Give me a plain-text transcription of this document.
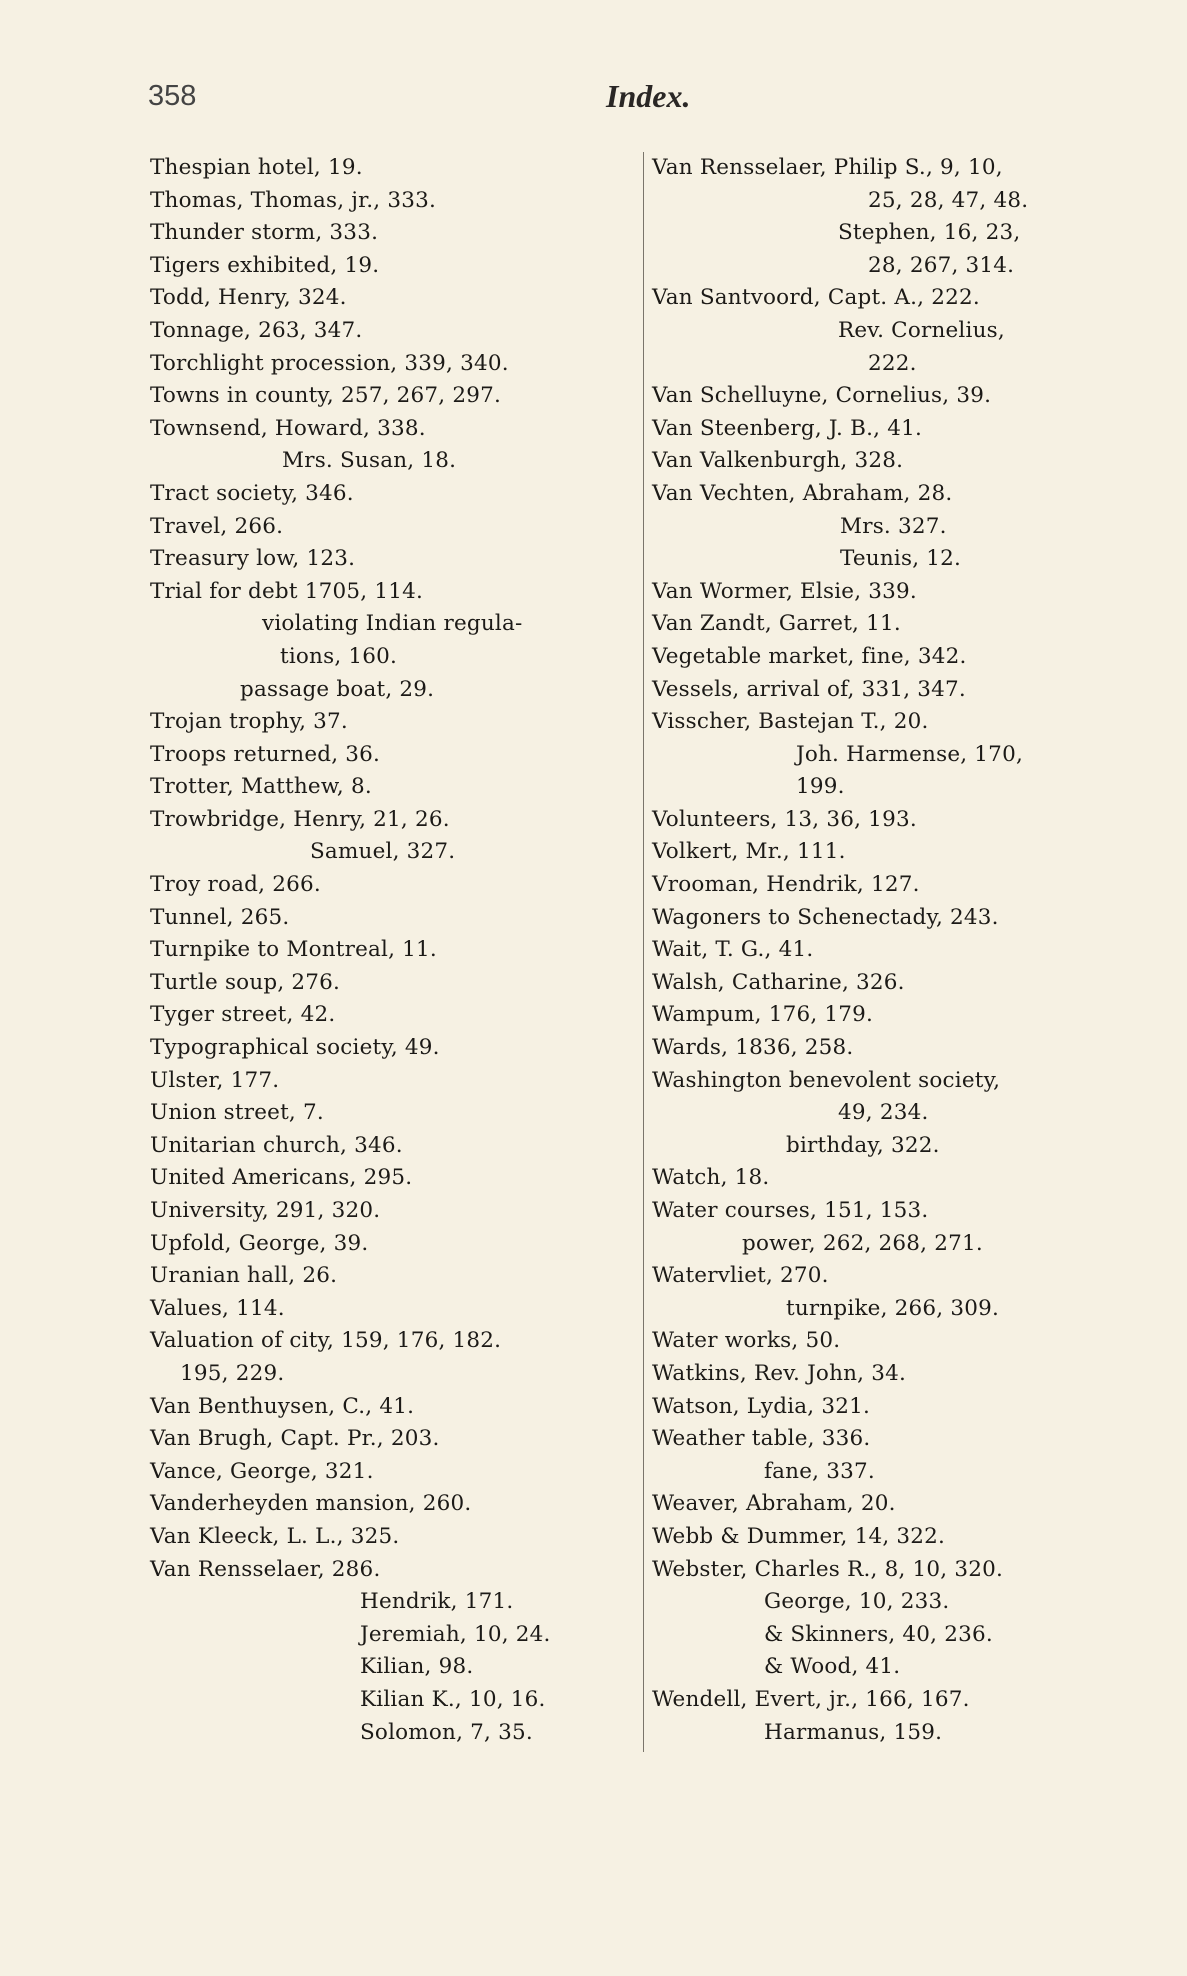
358	Index.
Thespian hotel, 19.
Thomas, Thomas, jr., 333.
Thunder storm, 333.
Tigers exhibited, 19.
Todd, Henry, 324.
Tonnage, 263, 347.
Torchlight procession, 339, 340.
Towns in county, 257, 267, 297.
Townsend, Howard, 338.
Mrs. Susan, 18.
Tract society, 346.
Travel, 266.
Treasury low, 123.
Trial for debt 1705, 114.
violating Indian regula-
tions, 160.
passage boat, 29.
Trojan trophy, 37.
Troops returned, 36.
Trotter, Matthew, 8.
Trowbridge, Henry, 21, 26.
Samuel, 327.
Troy road, 266.
Tunnel, 265.
Turnpike to Montreal, 11.
Turtle soup, 276.
Tyger street, 42.
Typographical society, 49.
Ulster, 177.
Union street, 7.
Unitarian church, 346.
United Americans, 295.
University, 291, 320.
Upfold, George, 39.
Uranian hall, 26.
Values, 114.
Valuation of city, 159, 176, 182.
195, 229.
Van Benthuysen, C., 41.
Van Brugh, Capt. Pr., 203.
Vance, George, 321.
Vanderheyden mansion, 260.
Van Kleeck, L. L., 325.
Van Rensselaer, 286.
Hendrik, 171.
Jeremiah, 10, 24.
Kilian, 98.
Kilian K., 10, 16.
Solomon, 7, 35.
Van Rensselaer, Philip S., 9, 10,
25, 28, 47, 48.
Stephen, 16, 23,
28, 267, 314.
Van Santvoord, Capt. A., 222.
Rev. Cornelius,
222.
Van Schelluyne, Cornelius, 39.
Van Steenberg, J. B., 41.
Van Valkenburgh, 328.
Van Vechten, Abraham, 28.
Mrs. 327.
Teunis, 12.
Van Wormer, Elsie, 339.
Van Zandt, Garret, 11.
Vegetable market, fine, 342.
Vessels, arrival of, 331, 347.
Visscher, Bastejan T., 20.
Joh. Harmense, 170,
199.
Volunteers, 13, 36, 193.
Volkert, Mr., 111.
Vrooman, Hendrik, 127.
Wagoners to Schenectady, 243.
Wait, T. G., 41.
Walsh, Catharine, 326.
Wampum, 176, 179.
Wards, 1836, 258.
Washington benevolent society,
49, 234.
birthday, 322.
Watch, 18.
Water courses, 151, 153.
power, 262, 268, 271.
Watervliet, 270.
turnpike, 266, 309.
Water works, 50.
Watkins, Rev. John, 34.
Watson, Lydia, 321.
Weather table, 336.
fane, 337.
Weaver, Abraham, 20.
Webb & Dummer, 14, 322.
Webster, Charles R., 8, 10, 320.
George, 10, 233.
& Skinners, 40, 236.
& Wood, 41.
Wendell, Evert, jr., 166, 167.
Harmanus, 159.
